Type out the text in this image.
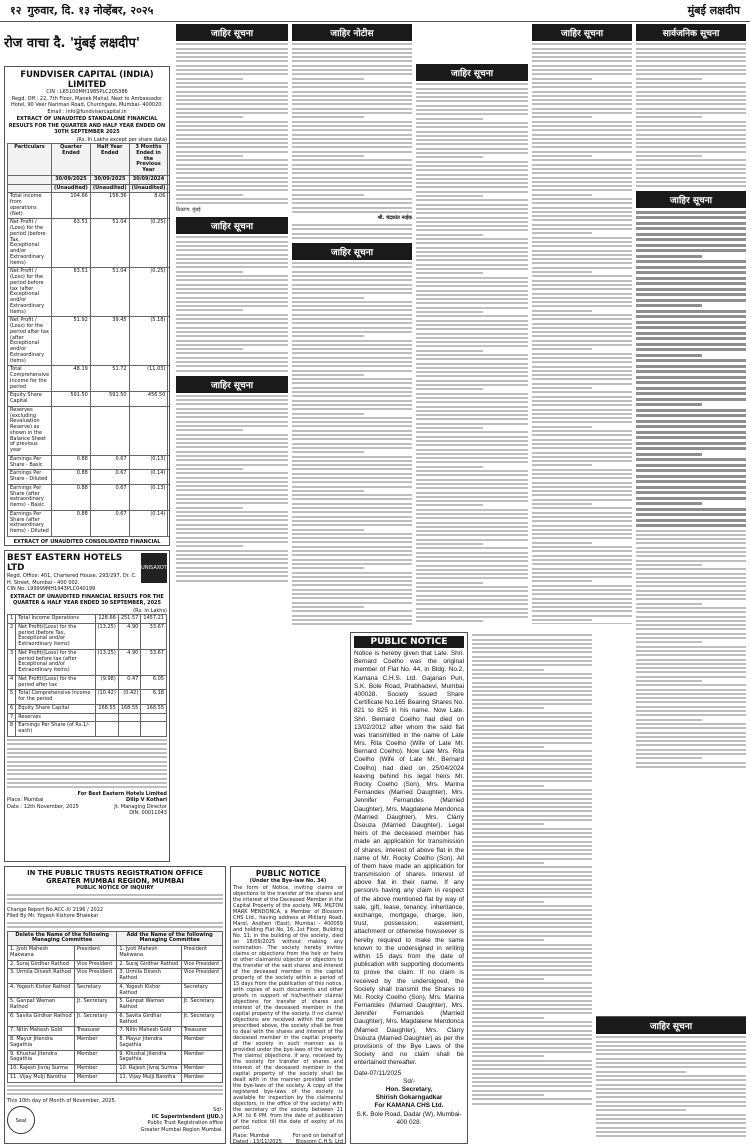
१२ गुरुवार, दि. १३ नोव्हेंबर, २०२५	मुंबई लक्षदीप
रोज वाचा दै. 'मुंबई लक्षदीप'
FUNDVISER CAPITAL (INDIA) LIMITED
CIN : L65100MH1985PLC205386
Regd. Off.: 22, 7th Floor, Manek Mahal, Next to Ambassador Hotel, 90 Veer Nariman Road, Churchgate, Mumbai- 400020.
Email : info@fundvisercapital.in
EXTRACT OF UNAUDITED STANDALONE FINANCIAL RESULTS FOR THE QUARTER AND HALF YEAR ENDED ON 30TH SEPTEMBER 2025
(Rs. In Lakhs except per share data)
Particulars	Quarter Ended	Half Year Ended	3 Months Ended in the Previous Year	
	30/09/2025	30/09/2025	30/09/2024	
	(Unaudited)	(Unaudited)	(Unaudited)	
Total income from operations (Net)	104.66	156.36	8.06	
Net Profit / (Loss) for the period (before Tax, Exceptional and/or Extraordinary items)	63.51	51.04	(0.25)	
Net Profit / (Loss) for the period before tax (after Exceptional and/or Extraordinary items)	63.51	51.04	(0.25)	
Net Profit / (Loss) for the period after tax (after Exceptional and/or Extraordinary items)	51.92	39.45	(5.18)	
Total Comprehensive Income for the period	48.19	51.72	(11.03)	
Equity Share Capital	591.50	591.50	456.50	
Reserves (excluding Revaluation Reserve) as shown in the Balance Sheet of previous year				
Earnings Per Share - Basic	0.88	0.67	(0.13)	
Earnings Per Share - Diluted	0.88	0.67	(0.14)	
Earnings Per Share (after extraordinary items) - Basic	0.88	0.67	(0.13)	
Earnings Per Share (after extraordinary items) - Diluted	0.88	0.67	(0.14)	
EXTRACT OF UNAUDITED CONSOLIDATED FINANCIAL

BEST EASTERN HOTELS LTD
Regd. Office: 401, Chartered House, 293/297, Dr. C. H. Street, Mumbai - 400 002.
CIN No: L99999MH1943PLC040199
UNISAXOT
EXTRACT OF UNAUDITED FINANCIAL RESULTS FOR THE QUARTER & HALF YEAR ENDED 30 SEPTEMBER, 2025
(Rs. in Lakhs)
1	Total Income Operations	128.66	251.57	1457.21
2	Net Profit/(Loss) for the period (before Tax, Exceptional and/or Extraordinary items)	(13.25)	4.90	33.67
3	Net Profit/(Loss) for the period before tax (after Exceptional and/or Extraordinary items)	(13.25)	4.90	33.67
4	Net Profit/(Loss) for the period after tax	(9.98)	0.47	6.05
5	Total Comprehensive Income for the period	(10.42)	(0.42)	6.18
6	Equity Share Capital	168.55	168.55	168.55
7	Reserves			
8	Earnings Per Share (of Rs.1/- each)			
For Best Eastern Hotels Limited
Place: Mumbai
Date : 12th November, 2025
Dilip V Kothari
Jt. Managing Director
DIN: 00011043
IN THE PUBLIC TRUSTS REGISTRATION OFFICE
GREATER MUMBAI REGION, MUMBAI
PUBLIC NOTICE OF INQUIRY
Change Report No.ACC-X/ 2196 / 2022
Filed By Mr. Yogesh Kishore Bhalekar
Delete the Name of the following Managing Committee		Add the Name of the following Managing Committee	
1. Jyoti Mahesh Makwana	President	1. Jyoti Mahesh Makwana	President
2. Suraj Girdhar Rathod	Vice President	2. Suraj Girdhar Rathod	Vice President
3. Urmila Dinesh Rathod	Vice President	3. Urmila Dinesh Rathod	Vice President
4. Yogesh Kishor Rathod	Secretary	4. Yogesh Kishor Rathod	Secretary
5. Ganpat Waman Rathod	Jt. Secretary	5. Ganpat Waman Rathod	Jt. Secretary
6. Savita Girdhar Rathod	Jt. Secretary	6. Savita Girdhar Rathod	Jt. Secretary
7. Nitin Mahesh Gold	Treasurer	7. Nitin Mahesh Gold	Treasurer
8. Mayur Jitendra Sagathia	Member	8. Mayur Jitendra Sagathia	Member
9. Khushal Jitendra Sagathia	Member	9. Khushal Jitendra Sagathia	Member
10. Rajesh Jivraj Surma	Member	10. Rajesh Jivraj Surma	Member
11. Vijay Mulji Barotha	Member	11. Vijay Mulji Barotha	Member
This 10th day of Month of November, 2025.
Seal
Sd/-
I/C Superintendent (JUD.)
Public Trust Registration office
Greater Mumbai Region Mumbai.
जाहिर सूचना
ठिकाण: मुंबई
जाहिर सूचना
जाहिर सूचना
PUBLIC NOTICE
(Under the Bye-law No. 34)
The form of Notice, inviting claims or objections to the transfer of the shares and the interest of the Deceased Member in the Capital Property of the society. MR. MILTON MARK MENDONCA, a Member of Blossom CHS Ltd., having address at Military Road, Marol, Andheri (East), Mumbai - 400059 and holding Flat No. 16, 1st Floor, Building No. 11, in the building of the society, died on 18/09/2025 without making any nomination. The society hereby invites claims or objections from the heir or heirs or other claimants/ objector or objectors to the transfer of the said shares and interest of the deceased member in the capital property of the society within a period of 15 days from the publication of this notice, with copies of such documents and other proofs in support of his/her/their claims/ objections for transfer of shares and interest of the deceased member in the capital property of the society. If no claims/ objections are received within the period prescribed above, the society shall be free to deal with the shares and interest of the deceased member in the capital property of the society in such manner as is provided under the bye-laws of the society. The claims/ objections, if any, received by the society for transfer of shares and interest of the deceased member in the capital property of the society shall be dealt with in the manner provided under the bye-laws of the society. A copy of the registered bye-laws of the society is available for inspection by the claimants/ objectors, in the office of the society/ with the secretary of the society between 11 A.M. to 6 PM. from the date of publication of the notice till the date of expiry of its period.
Place: Mumbai
Dated : 13/11/2025
For and on behalf of Blossom C.H.S. Ltd
जाहिर नोटीस
श्री. चंद्रकांत नाईक
जाहिर सूचना
PUBLIC NOTICE
Notice is hereby given that Late. Shri. Bernard Coelho was the original member of Flat No. 44, in Bldg. No.2, Kamana C.H.S. Ltd. Gajanan Puri, S.K. Bole Road, Prabhadevi, Mumbai 400028. Society issued Share Certificate No.165 Bearing Shares No. 821 to 825 in his name. Now Late. Shri. Bernard Coelho had died on 13/02/2012 after whom the said flat was transmitted in the name of Late Mrs. Rita Coelho (Wife of Late Mr. Bernard Coelho). Now Late Mrs. Rita Coelho (Wife of Late Mr. Bernard Coelho) had died on 25/04/2024 leaving behind his legal heirs Mr. Rocky Coelho (Son), Mrs. Marina Fernandes (Married Daughter), Mrs. Jennifer Fernandes (Married Daughter), Mrs. Magdalene Mendonca (Married Daughter), Mrs. Clarry Dsouza (Married Daughter). Legal heirs of the deceased member has made an application for transmission of shares, interest of above flat in the name of Mr. Rocky Coelho (Son). All of them have made an application for transmission of shares. Interest of above flat in their name. If any person/s having any claim in respect of the above mentioned flat by way of sale, gift, lease, tenancy, inheritance, exchange, mortgage, charge, lien, trust, possession, easement, attachment or otherwise howsoever is hereby required to make the same known to the undersigned in writing within 15 days from the date of publication with supporting documents to prove the claim. If no claim is received by the undersigned, the Society shall transmit the Shares to Mr. Rocky Coelho (Son), Mrs. Marina Fernandes (Married Daughter), Mrs. Jennifer Fernandes (Married Daughter), Mrs. Magdalene Mendonca (Married Daughter), Mrs. Clarry Dsouza (Married Daughter) as per the provisions of the Bye Laws of the Society and no claim shall be entertained thereafter.
Date-07/11/2025
Sd/-
Hon. Secretary,
Shirish Gokarngadkar
For KAMANA CHS Ltd.
S.K. Bole Road, Dadar (W), Mumbai- 400 028.
जाहिर सूचना
जाहिर सूचना	सार्वजनिक सूचना
जाहिर सूचना
जाहिर सूचना
